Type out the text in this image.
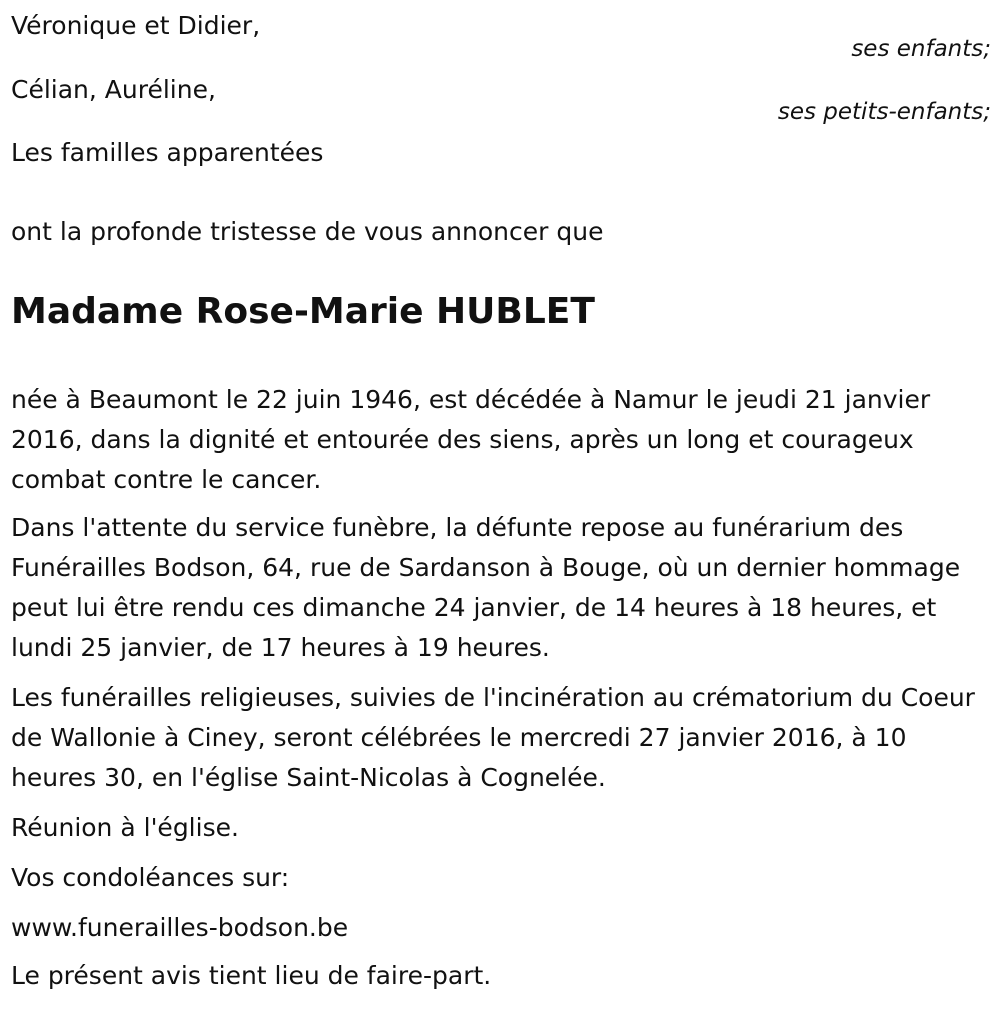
Véronique et Didier,
ses enfants;
Célian, Auréline,
ses petits-enfants;
Les familles apparentées
ont la profonde tristesse de vous annoncer que
Madame Rose-Marie HUBLET
née à Beaumont le 22 juin 1946, est décédée à Namur le jeudi 21 janvier 2016, dans la dignité et entourée des siens, après un long et courageux combat contre le cancer.
Dans l'attente du service funèbre, la défunte repose au funérarium des Funérailles Bodson, 64, rue de Sardanson à Bouge, où un dernier hommage peut lui être rendu ces dimanche 24 janvier, de 14 heures à 18 heures, et lundi 25 janvier, de 17 heures à 19 heures.
Les funérailles religieuses, suivies de l'incinération au crématorium du Coeur de Wallonie à Ciney, seront célébrées le mercredi 27 janvier 2016, à 10 heures 30, en l'église Saint-Nicolas à Cognelée.
Réunion à l'église.
Vos condoléances sur:
www.funerailles-bodson.be
Le présent avis tient lieu de faire-part.
